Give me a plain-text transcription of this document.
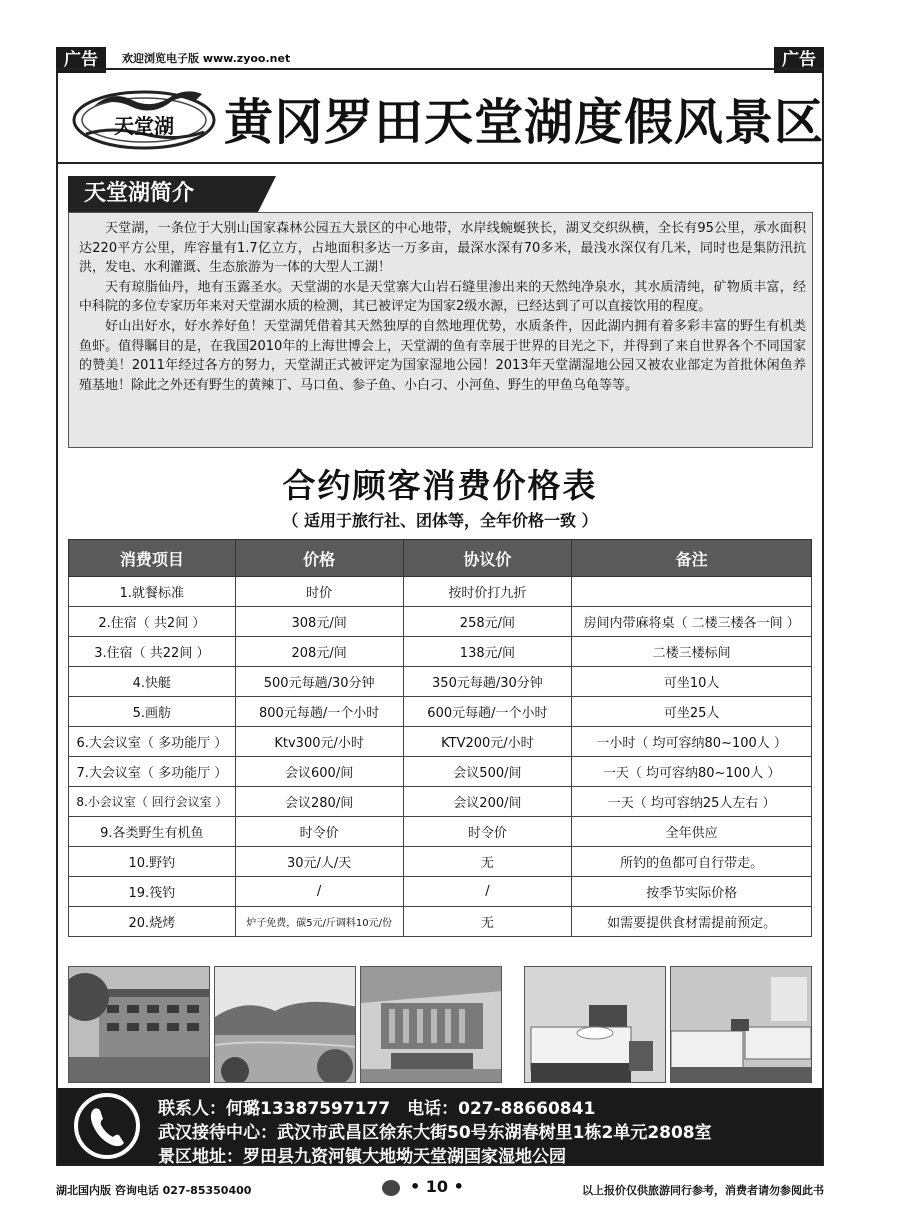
广告	欢迎浏览电子版 www.zyoo.net	广告
天堂湖	黄冈罗田天堂湖度假风景区
天堂湖简介

天堂湖，一条位于大别山国家森林公园五大景区的中心地带，水岸线蜿蜒狭长，湖叉交织纵横，全长有95公里，承水面积达220平方公里，库容量有1.7亿立方，占地面积多达一万多亩，最深水深有70多米，最浅水深仅有几米，同时也是集防汛抗洪，发电、水利灌溉、生态旅游为一体的大型人工湖！

天有琼脂仙丹，地有玉露圣水。天堂湖的水是天堂寨大山岩石缝里渗出来的天然纯净泉水，其水质清纯，矿物质丰富，经中科院的多位专家历年来对天堂湖水质的检测，其已被评定为国家2级水源，已经达到了可以直接饮用的程度。

好山出好水，好水养好鱼！天堂湖凭借着其天然独厚的自然地理优势，水质条件，因此湖内拥有着多彩丰富的野生有机类鱼虾。值得瞩目的是，在我国2010年的上海世博会上，天堂湖的鱼有幸展于世界的目光之下，并得到了来自世界各个不同国家的赞美！2011年经过各方的努力，天堂湖正式被评定为国家湿地公园！2013年天堂湖湿地公园又被农业部定为首批休闲鱼养殖基地！除此之外还有野生的黄辣丁、马口鱼、参子鱼、小白刁、小河鱼、野生的甲鱼乌龟等等。

合约顾客消费价格表
（ 适用于旅行社、团体等，全年价格一致 ）
消费项目	价格	协议价	备注
1.就餐标准	时价	按时价打九折	
2.住宿（ 共2间 ）	308元/间	258元/间	房间内带麻将桌（ 二楼三楼各一间 ）
3.住宿（ 共22间 ）	208元/间	138元/间	二楼三楼标间
4.快艇	500元每趟/30分钟	350元每趟/30分钟	可坐10人
5.画舫	800元每趟/一个小时	600元每趟/一个小时	可坐25人
6.大会议室（ 多功能厅 ）	Ktv300元/小时	KTV200元/小时	一小时（ 均可容纳80~100人 ）
7.大会议室（ 多功能厅 ）	会议600/间	会议500/间	一天（ 均可容纳80~100人 ）
8.小会议室（ 回行会议室 ）	会议280/间	会议200/间	一天（ 均可容纳25人左右 ）
9.各类野生有机鱼	时令价	时令价	全年供应
10.野钓	30元/人/天	无	所钓的鱼都可自行带走。
19.筏钓	/	/	按季节实际价格
20.烧烤	炉子免费，碳5元/斤调料10元/份	无	如需要提供食材需提前预定。
联系人：何璐13387597177　电话：027-88660841
武汉接待中心：武汉市武昌区徐东大街50号东湖春树里1栋2单元2808室
景区地址：罗田县九资河镇大地坳天堂湖国家湿地公园
湖北国内版 咨询电话 027-85350400	• 10 •	以上报价仅供旅游同行参考，消费者请勿参阅此书
